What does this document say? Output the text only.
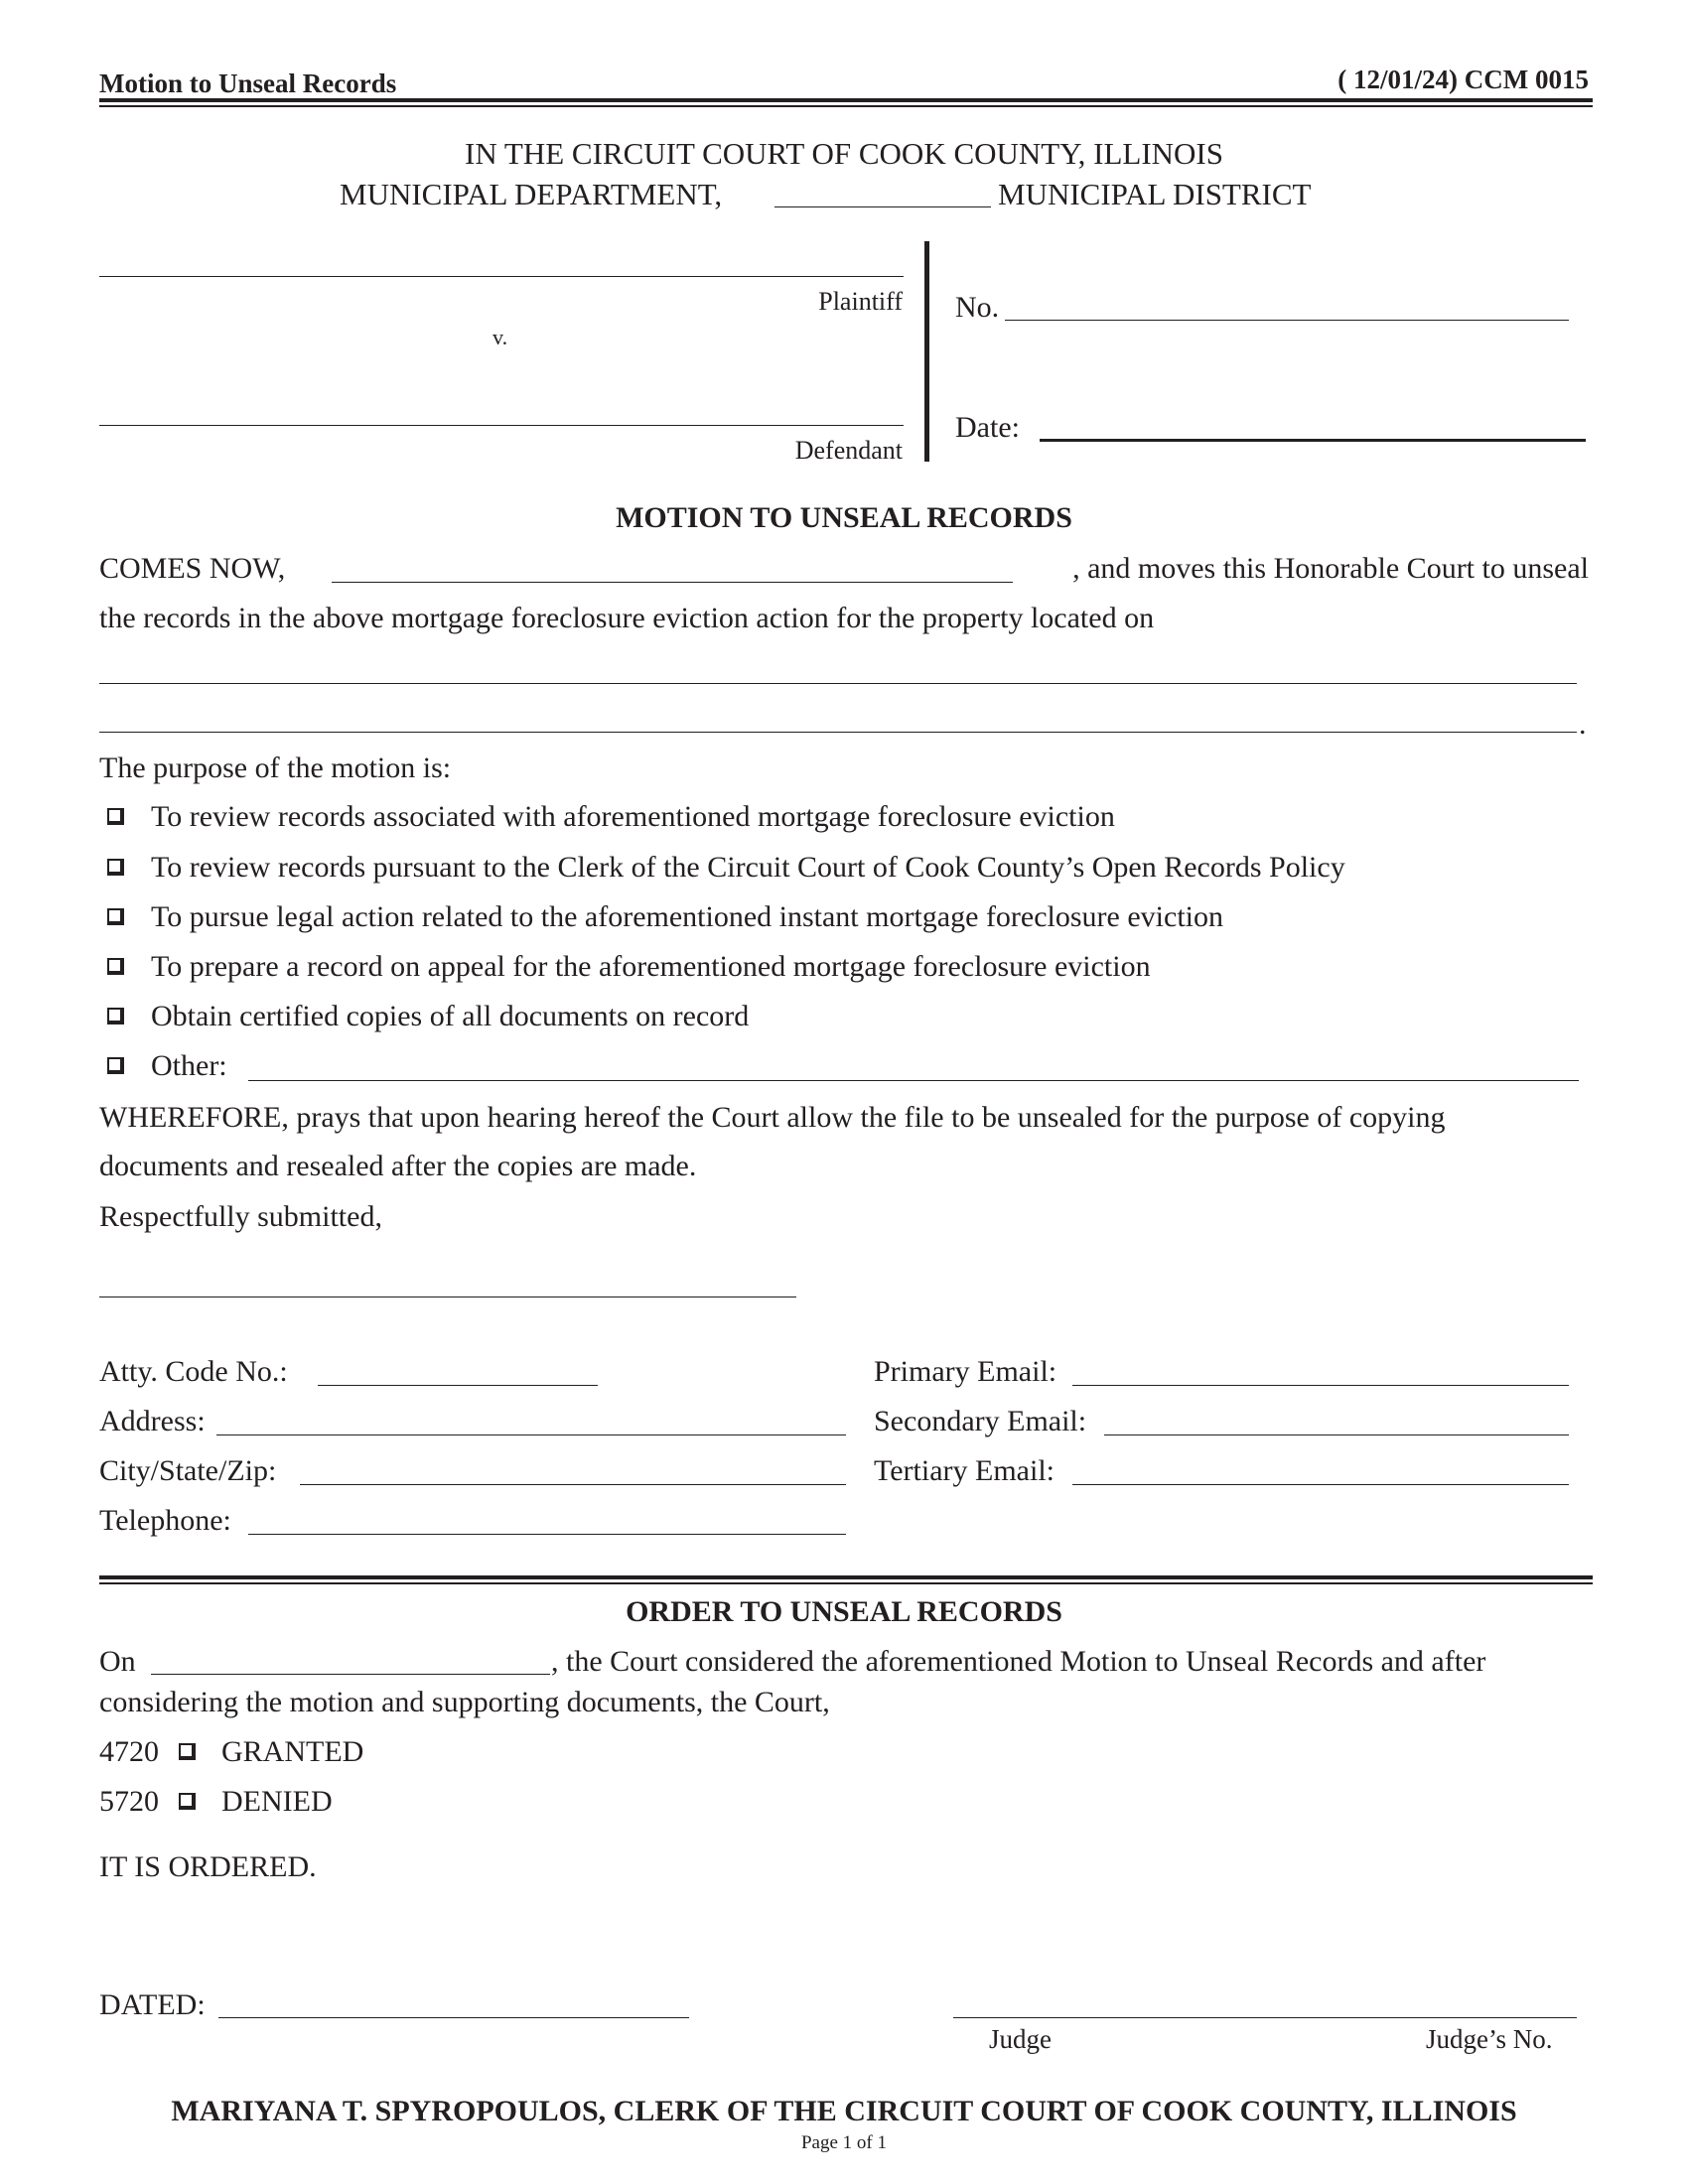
Motion to Unseal Records	( 12/01/24) CCM 0015
IN THE CIRCUIT COURT OF COOK COUNTY, ILLINOIS
MUNICIPAL DEPARTMENT,	MUNICIPAL DISTRICT
Plaintiff
v.
Defendant
No.
Date:
MOTION TO UNSEAL RECORDS
COMES NOW,	, and moves this Honorable Court to unseal
the records in the above mortgage foreclosure eviction action for the property located on
.
The purpose of the motion is:
To review records associated with aforementioned mortgage foreclosure eviction
To review records pursuant to the Clerk of the Circuit Court of Cook County’s Open Records Policy
To pursue legal action related to the aforementioned instant mortgage foreclosure eviction
To prepare a record on appeal for the aforementioned mortgage foreclosure eviction
Obtain certified copies of all documents on record
Other:
WHEREFORE, prays that upon hearing hereof the Court allow the file to be unsealed for the purpose of copying
documents and resealed after the copies are made.
Respectfully submitted,
Atty. Code No.:
Address:
City/State/Zip:
Telephone:
Primary Email:
Secondary Email:
Tertiary Email:
ORDER TO UNSEAL RECORDS
On	, the Court considered the aforementioned Motion to Unseal Records and after
considering the motion and supporting documents, the Court,
4720 GRANTED
5720 DENIED
IT IS ORDERED.
DATED:
Judge	Judge’s No.
MARIYANA T. SPYROPOULOS, CLERK OF THE CIRCUIT COURT OF COOK COUNTY, ILLINOIS
Page 1 of 1
